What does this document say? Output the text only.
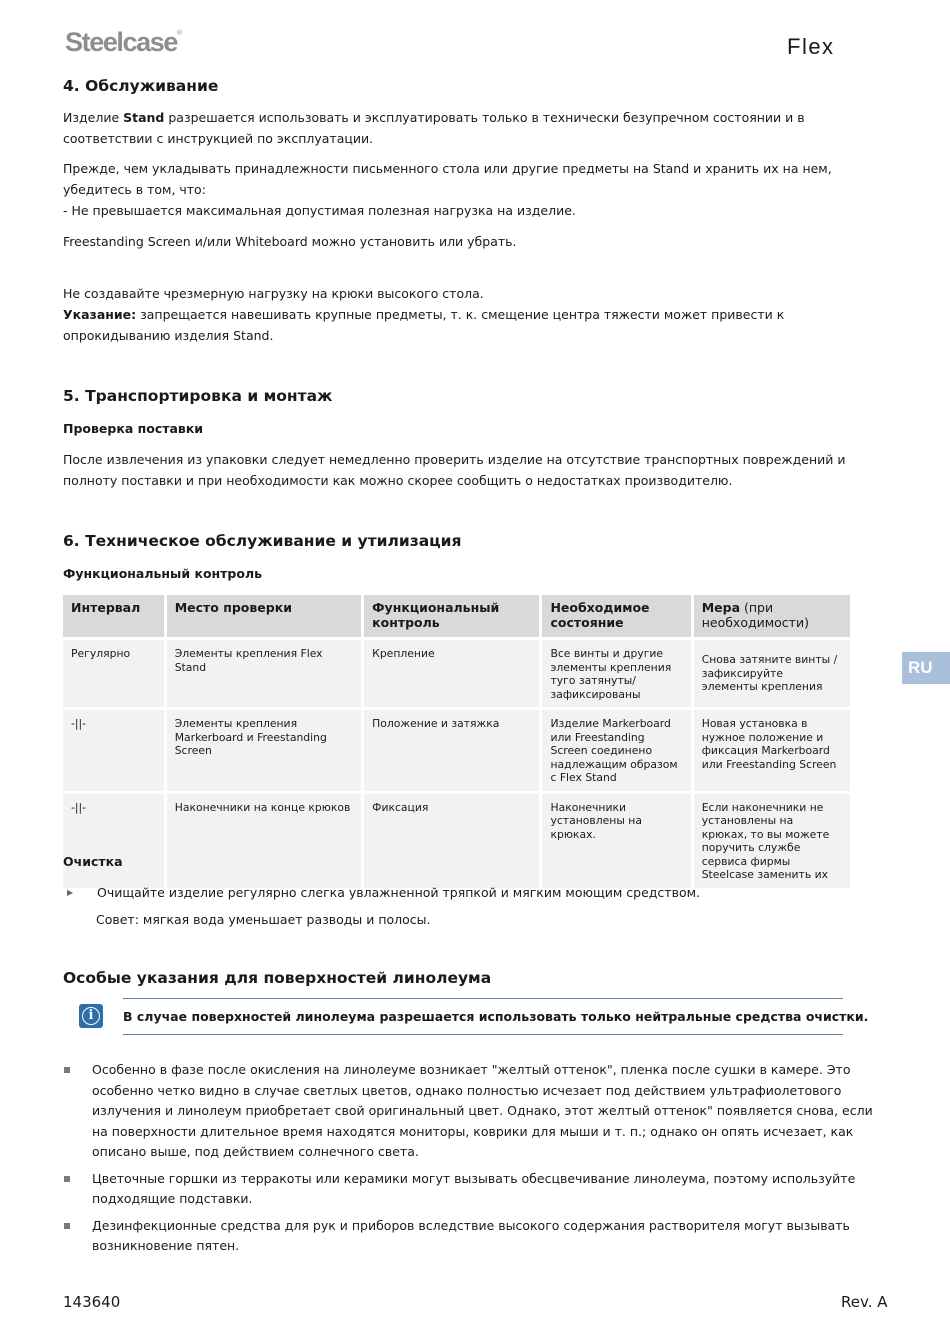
Steelcase®
Flex
4. Обслуживание

Изделие Stand разрешается использовать и эксплуатировать только в технически безупречном состоянии и в соответствии с инструкцией по эксплуатации.

Прежде, чем укладывать принадлежности письменного стола или другие предметы на Stand и хранить их на нем, убедитесь в том, что:

- Не превышается максимальная допустимая полезная нагрузка на изделие.

Freestanding Screen и/или Whiteboard можно установить или убрать.

Не создавайте чрезмерную нагрузку на крюки высокого стола.

Указание: запрещается навешивать крупные предметы, т. к. смещение центра тяжести может привести к опрокидыванию изделия Stand.

5. Транспортировка и монтаж
Проверка поставки

После извлечения из упаковки следует немедленно проверить изделие на отсутствие транспортных повреждений и полноту поставки и при необходимости как можно скорее сообщить о недостатках производителю.

6. Техническое обслуживание и утилизация
Функциональный контроль
Интервал	Место проверки	Функциональный контроль	Необходимое состояние	Мера (при необходимости)
Регулярно	Элементы крепления Flex Stand	Крепление	Все винты и другие элементы крепления туго затянуты/зафиксированы	Снова затяните винты / зафиксируйте элементы крепления
-||-	Элементы крепления Markerboard и Freestanding Screen	Положение и затяжка	Изделие Markerboard или Freestanding Screen соединено надлежащим образом с Flex Stand	Новая установка в нужное положение и фиксация Markerboard или Freestanding Screen
-||-	Наконечники на конце крюков	Фиксация	Наконечники установлены на крюках.	Если наконечники не установлены на крюках, то вы можете поручить службе сервиса фирмы Steelcase заменить их
Очистка
▶ Очищайте изделие регулярно слегка увлажненной тряпкой и мягким моющим средством.

Совет: мягкая вода уменьшает разводы и полосы.

Особые указания для поверхностей линолеума
i	В случае поверхностей линолеума разрешается использовать только нейтральные средства очистки.
Особенно в фазе после окисления на линолеуме возникает "желтый оттенок", пленка после сушки в камере. Это особенно четко видно в случае светлых цветов, однако полностью исчезает под действием ультрафиолетового излучения и линолеум приобретает свой оригинальный цвет. Однако, этот желтый оттенок" появляется снова, если на поверхности длительное время находятся мониторы, коврики для мыши и т. п.; однако он опять исчезает, как описано выше, под действием солнечного света.
Цветочные горшки из терракоты или керамики могут вызывать обесцвечивание линолеума, поэтому используйте подходящие подставки.
Дезинфекционные средства для рук и приборов вследствие высокого содержания растворителя могут вызывать возникновение пятен.
RU
143640	Rev. A
